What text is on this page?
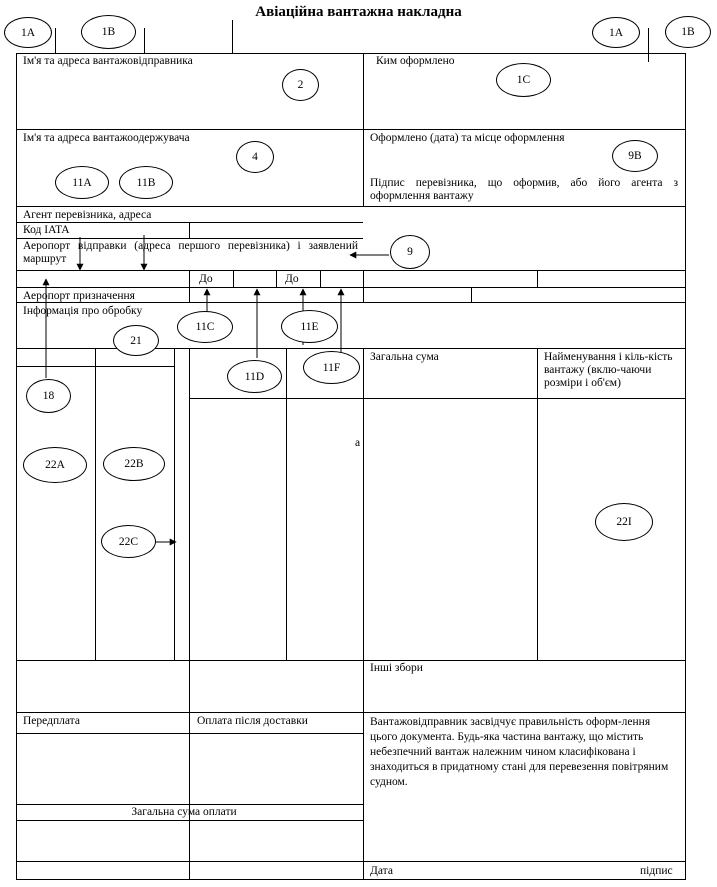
Авіаційна вантажна накладна
Ім'я та адреса вантажовідправника	Ким оформлено
Ім'я та адреса вантажоодержувача	Оформлено (дата) та місце оформлення
Підпис перевізника, що оформив, або його агента з оформлення вантажу
Агент перевізника, адреса
Код IATA
Аеропорт відправки (адреса першого перевізника) і заявлений маршрут
До	До
Аеропорт призначення
Інформація про обробку
Загальна сума	Найменування і кіль-кість вантажу (вклю-чаючи розміри і об'єм)
а
Інші збори
Передплата	Оплата після доставки	Вантажовідправник засвідчує правильність оформ-лення цього документа. Будь-яка частина вантажу, що містить небезпечний вантаж належним чином класифікована і знаходиться в придатному стані для перевезення повітряним судном.
Загальна сума оплати
Дата	підпис
1A	1B	1A	1B
2	1C
4	9B
11A	11B
9
11C	11E
21
11F
11D
18
22A	22B
22C
22I
